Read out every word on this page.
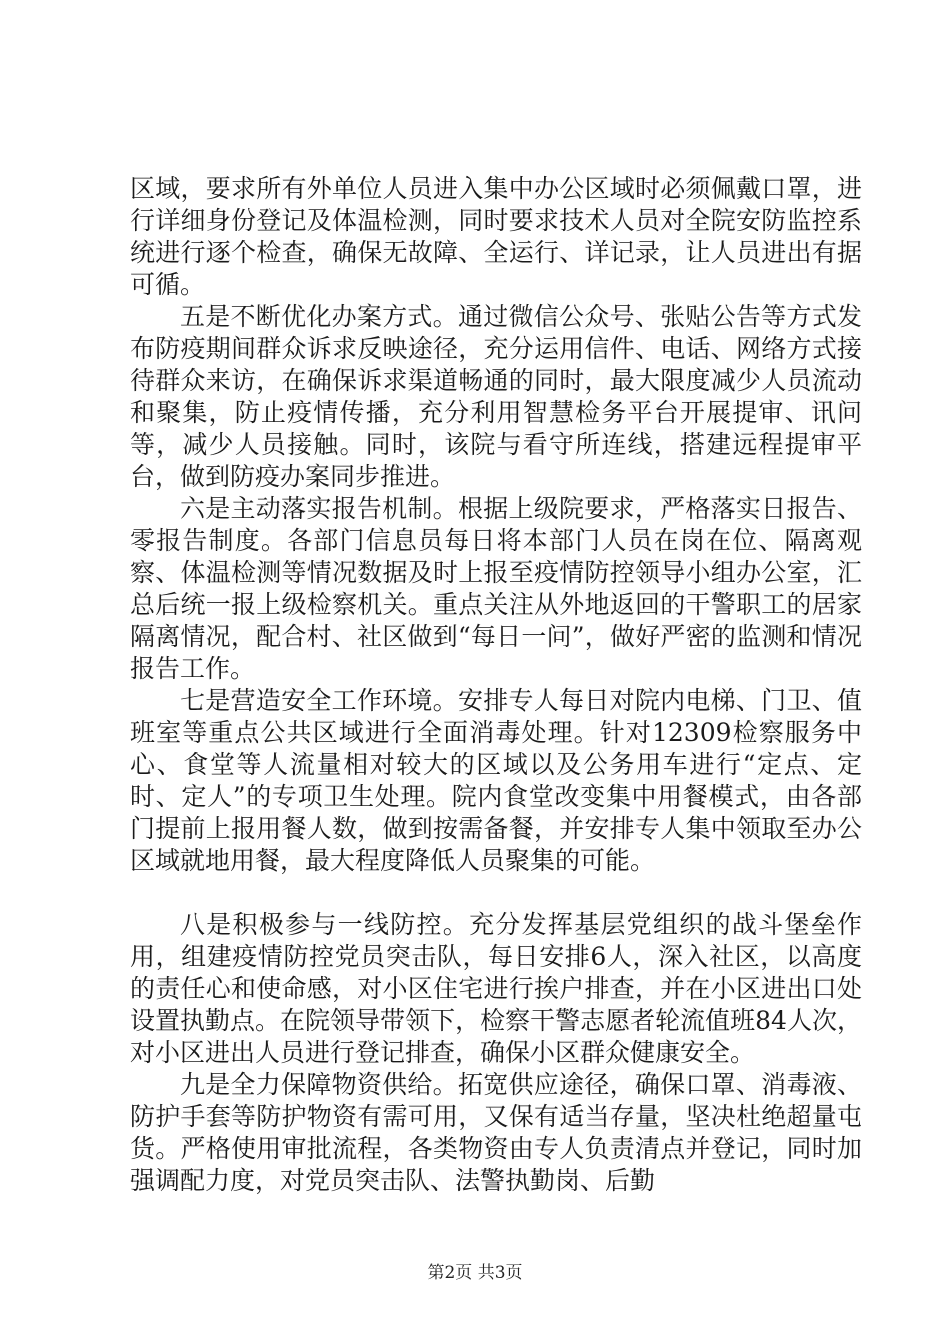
区域，要求所有外单位人员进入集中办公区域时必须佩戴口罩，进行详细身份登记及体温检测，同时要求技术人员对全院安防监控系统进行逐个检查，确保无故障、全运行、详记录，让人员进出有据可循。

五是不断优化办案方式。通过微信公众号、张贴公告等方式发布防疫期间群众诉求反映途径，充分运用信件、电话、网络方式接待群众来访，在确保诉求渠道畅通的同时，最大限度减少人员流动和聚集，防止疫情传播，充分利用智慧检务平台开展提审、讯问等，减少人员接触。同时，该院与看守所连线，搭建远程提审平台，做到防疫办案同步推进。

六是主动落实报告机制。根据上级院要求，严格落实日报告、零报告制度。各部门信息员每日将本部门人员在岗在位、隔离观察、体温检测等情况数据及时上报至疫情防控领导小组办公室，汇总后统一报上级检察机关。重点关注从外地返回的干警职工的居家隔离情况，配合村、社区做到“每日一问”，做好严密的监测和情况报告工作。

七是营造安全工作环境。安排专人每日对院内电梯、门卫、值班室等重点公共区域进行全面消毒处理。针对12309检察服务中心、食堂等人流量相对较大的区域以及公务用车进行“定点、定时、定人”的专项卫生处理。院内食堂改变集中用餐模式，由各部门提前上报用餐人数，做到按需备餐，并安排专人集中领取至办公区域就地用餐，最大程度降低人员聚集的可能。

八是积极参与一线防控。充分发挥基层党组织的战斗堡垒作用，组建疫情防控党员突击队，每日安排6人，深入社区，以高度的责任心和使命感，对小区住宅进行挨户排查，并在小区进出口处设置执勤点。在院领导带领下，检察干警志愿者轮流值班84人次，对小区进出人员进行登记排查，确保小区群众健康安全。

九是全力保障物资供给。拓宽供应途径，确保口罩、消毒液、防护手套等防护物资有需可用，又保有适当存量，坚决杜绝超量屯货。严格使用审批流程，各类物资由专人负责清点并登记，同时加强调配力度，对党员突击队、法警执勤岗、后勤

第2页 共3页
